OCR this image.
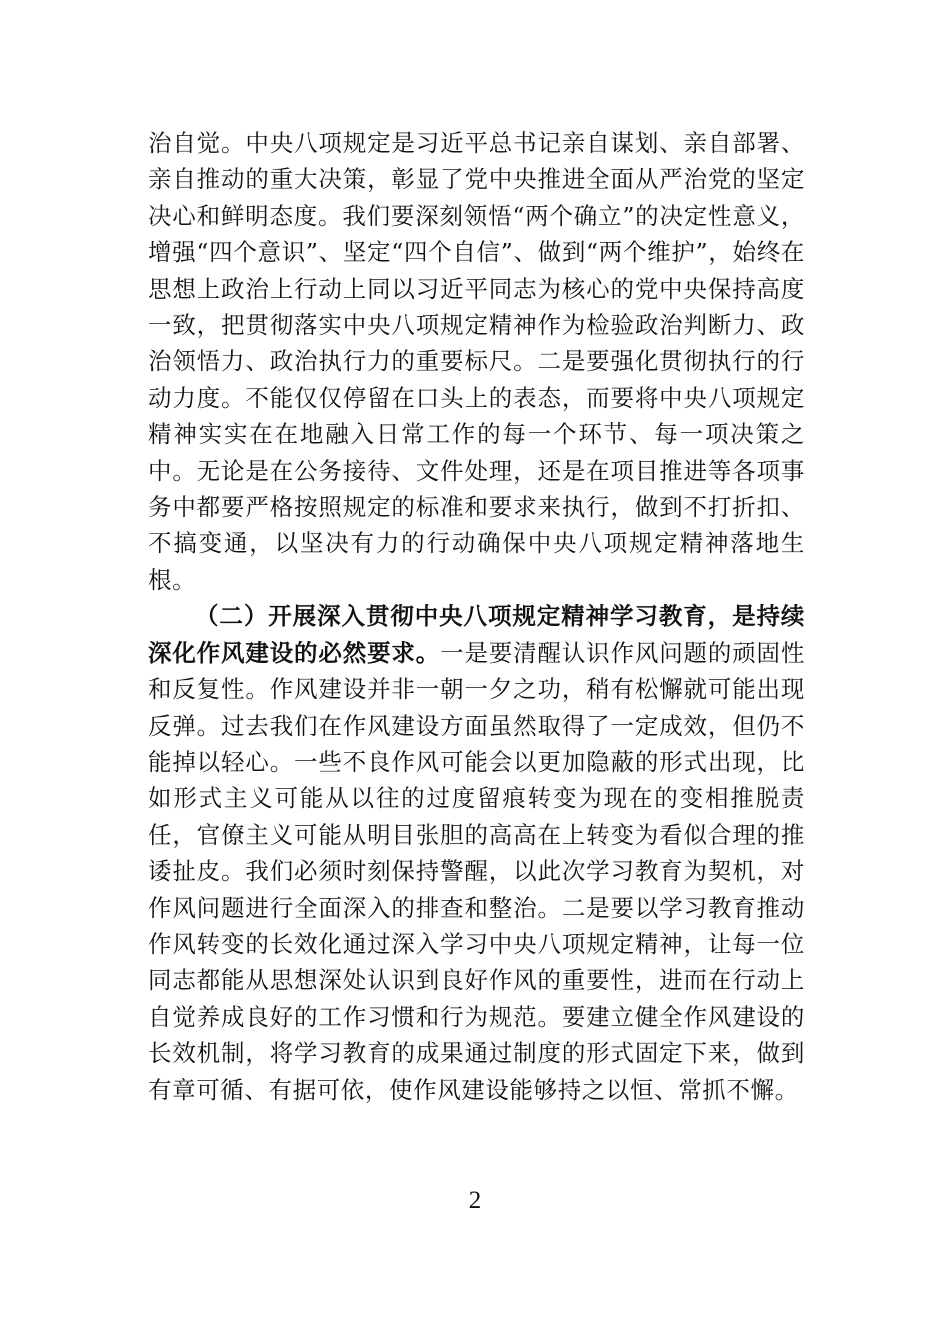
治自觉。中央八项规定是习近平总书记亲自谋划、亲自部署、亲自推动的重大决策，彰显了党中央推进全面从严治党的坚定决心和鲜明态度。我们要深刻领悟“两个确立”的决定性意义，增强“四个意识”、坚定“四个自信”、做到“两个维护”，始终在思想上政治上行动上同以习近平同志为核心的党中央保持高度一致，把贯彻落实中央八项规定精神作为检验政治判断力、政治领悟力、政治执行力的重要标尺。二是要强化贯彻执行的行动力度。不能仅仅停留在口头上的表态，而要将中央八项规定精神实实在在地融入日常工作的每一个环节、每一项决策之中。无论是在公务接待、文件处理，还是在项目推进等各项事务中都要严格按照规定的标准和要求来执行，做到不打折扣、不搞变通，以坚决有力的行动确保中央八项规定精神落地生根。

（二）开展深入贯彻中央八项规定精神学习教育，是持续深化作风建设的必然要求。一是要清醒认识作风问题的顽固性和反复性。作风建设并非一朝一夕之功，稍有松懈就可能出现反弹。过去我们在作风建设方面虽然取得了一定成效，但仍不能掉以轻心。一些不良作风可能会以更加隐蔽的形式出现，比如形式主义可能从以往的过度留痕转变为现在的变相推脱责任，官僚主义可能从明目张胆的高高在上转变为看似合理的推诿扯皮。我们必须时刻保持警醒，以此次学习教育为契机，对作风问题进行全面深入的排查和整治。二是要以学习教育推动作风转变的长效化通过深入学习中央八项规定精神，让每一位同志都能从思想深处认识到良好作风的重要性，进而在行动上自觉养成良好的工作习惯和行为规范。要建立健全作风建设的长效机制，将学习教育的成果通过制度的形式固定下来，做到有章可循、有据可依，使作风建设能够持之以恒、常抓不懈。

2
